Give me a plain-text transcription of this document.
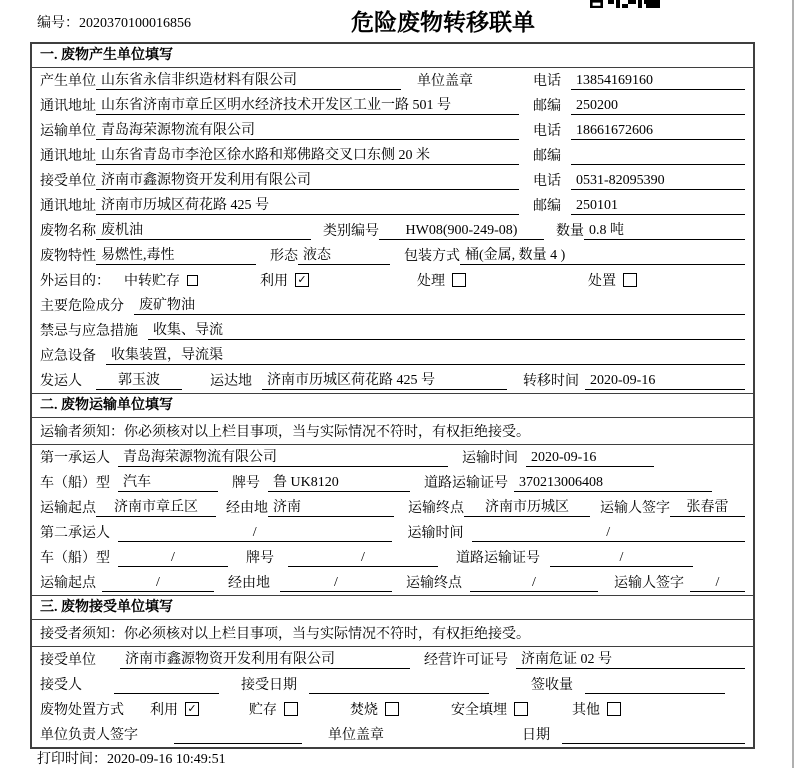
编号：2020370100016856	危险废物转移联单
一. 废物产生单位填写
产生单位 山东省永信非织造材料有限公司	单位盖章	电话	13854169160
通讯地址 山东省济南市章丘区明水经济技术开发区工业一路 501 号	邮编	250200
运输单位 青岛海荣源物流有限公司	电话	18661672606
通讯地址 山东省青岛市李沧区徐水路和郑佛路交叉口东侧 20 米	邮编
接受单位 济南市鑫源物资开发利用有限公司	电话	0531-82095390
通讯地址 济南市历城区荷花路 425 号	邮编	250101
废物名称 废机油	类别编号	HW08(900-249-08)	数量 0.8 吨
废物特性 易燃性,毒性	形态 液态	包装方式 桶(金属, 数量 4 )
外运目的： 中转贮存	利用 ✓	处理	处置
主要危险成分	废矿物油
禁忌与应急措施	收集、导流
应急设备	收集装置，导流渠
发运人	郭玉波	运达地	济南市历城区荷花路 425 号	转移时间 2020-09-16
二. 废物运输单位填写
运输者须知： 你必须核对以上栏目事项，当与实际情况不符时，有权拒绝接受。
第一承运人 青岛海荣源物流有限公司	运输时间 2020-09-16
车（船）型 汽车	牌号 鲁 UK8120	道路运输证号 370213006408
运输起点	济南市章丘区	经由地 济南	运输终点	济南市历城区	运输人签字	张春雷
第二承运人	/	运输时间	/
车（船）型	/	牌号	/	道路运输证号	/
运输起点	/	经由地	/	运输终点	/	运输人签字	/
三. 废物接受单位填写
接受者须知： 你必须核对以上栏目事项，当与实际情况不符时，有权拒绝接受。
接受单位	济南市鑫源物资开发利用有限公司	经营许可证号 济南危证 02 号
接受人	接受日期	签收量
废物处置方式 利用 ✓	贮存	焚烧	安全填埋	其他
单位负责人签字	单位盖章	日期
打印时间：2020-09-16 10:49:51
